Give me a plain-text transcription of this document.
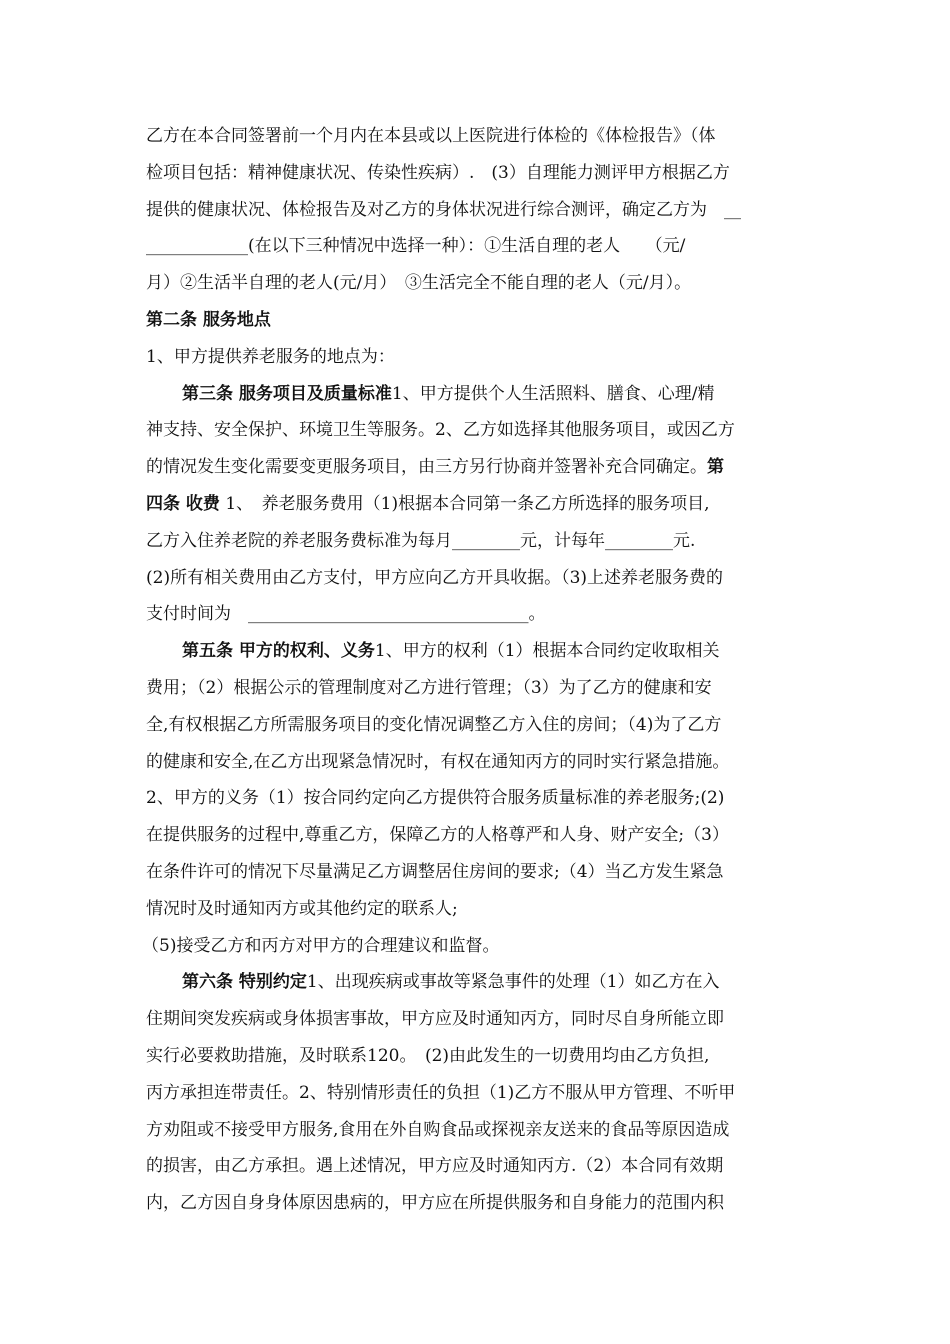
乙方在本合同签署前一个月内在本县或以上医院进行体检的《体检报告》（体
检项目包括：精神健康状况、传染性疾病）.　(3）自理能力测评甲方根据乙方
提供的健康状况、体检报告及对乙方的身体状况进行综合测评，确定乙方为　__
____________(在以下三种情况中选择一种）：①生活自理的老人　　（元/
月）②生活半自理的老人(元/月）　③生活完全不能自理的老人（元/月）。
第二条 服务地点
1、甲方提供养老服务的地点为：
第三条 服务项目及质量标准1、甲方提供个人生活照料、膳食、心理/精
神支持、安全保护、环境卫生等服务。2、乙方如选择其他服务项目，或因乙方
的情况发生变化需要变更服务项目，由三方另行协商并签署补充合同确定。第
四条 收费 1、　养老服务费用（1)根据本合同第一条乙方所选择的服务项目,
乙方入住养老院的养老服务费标准为每月________元，计每年________元.
(2)所有相关费用由乙方支付，甲方应向乙方开具收据。（3)上述养老服务费的
支付时间为　_________________________________。
第五条 甲方的权利、义务1、甲方的权利（1）根据本合同约定收取相关
费用；（2）根据公示的管理制度对乙方进行管理；（3）为了乙方的健康和安
全,有权根据乙方所需服务项目的变化情况调整乙方入住的房间；（4)为了乙方
的健康和安全,在乙方出现紧急情况时，有权在通知丙方的同时实行紧急措施。
2、甲方的义务（1）按合同约定向乙方提供符合服务质量标准的养老服务;(2)
在提供服务的过程中,尊重乙方，保障乙方的人格尊严和人身、财产安全;（3）
在条件许可的情况下尽量满足乙方调整居住房间的要求;（4）当乙方发生紧急
情况时及时通知丙方或其他约定的联系人;
（5)接受乙方和丙方对甲方的合理建议和监督。
第六条 特别约定1、出现疾病或事故等紧急事件的处理（1）如乙方在入
住期间突发疾病或身体损害事故，甲方应及时通知丙方，同时尽自身所能立即
实行必要救助措施，及时联系120。　(2)由此发生的一切费用均由乙方负担,
丙方承担连带责任。2、特别情形责任的负担（1)乙方不服从甲方管理、不听甲
方劝阻或不接受甲方服务,食用在外自购食品或探视亲友送来的食品等原因造成
的损害，由乙方承担。遇上述情况，甲方应及时通知丙方.（2）本合同有效期
内，乙方因自身身体原因患病的，甲方应在所提供服务和自身能力的范围内积
